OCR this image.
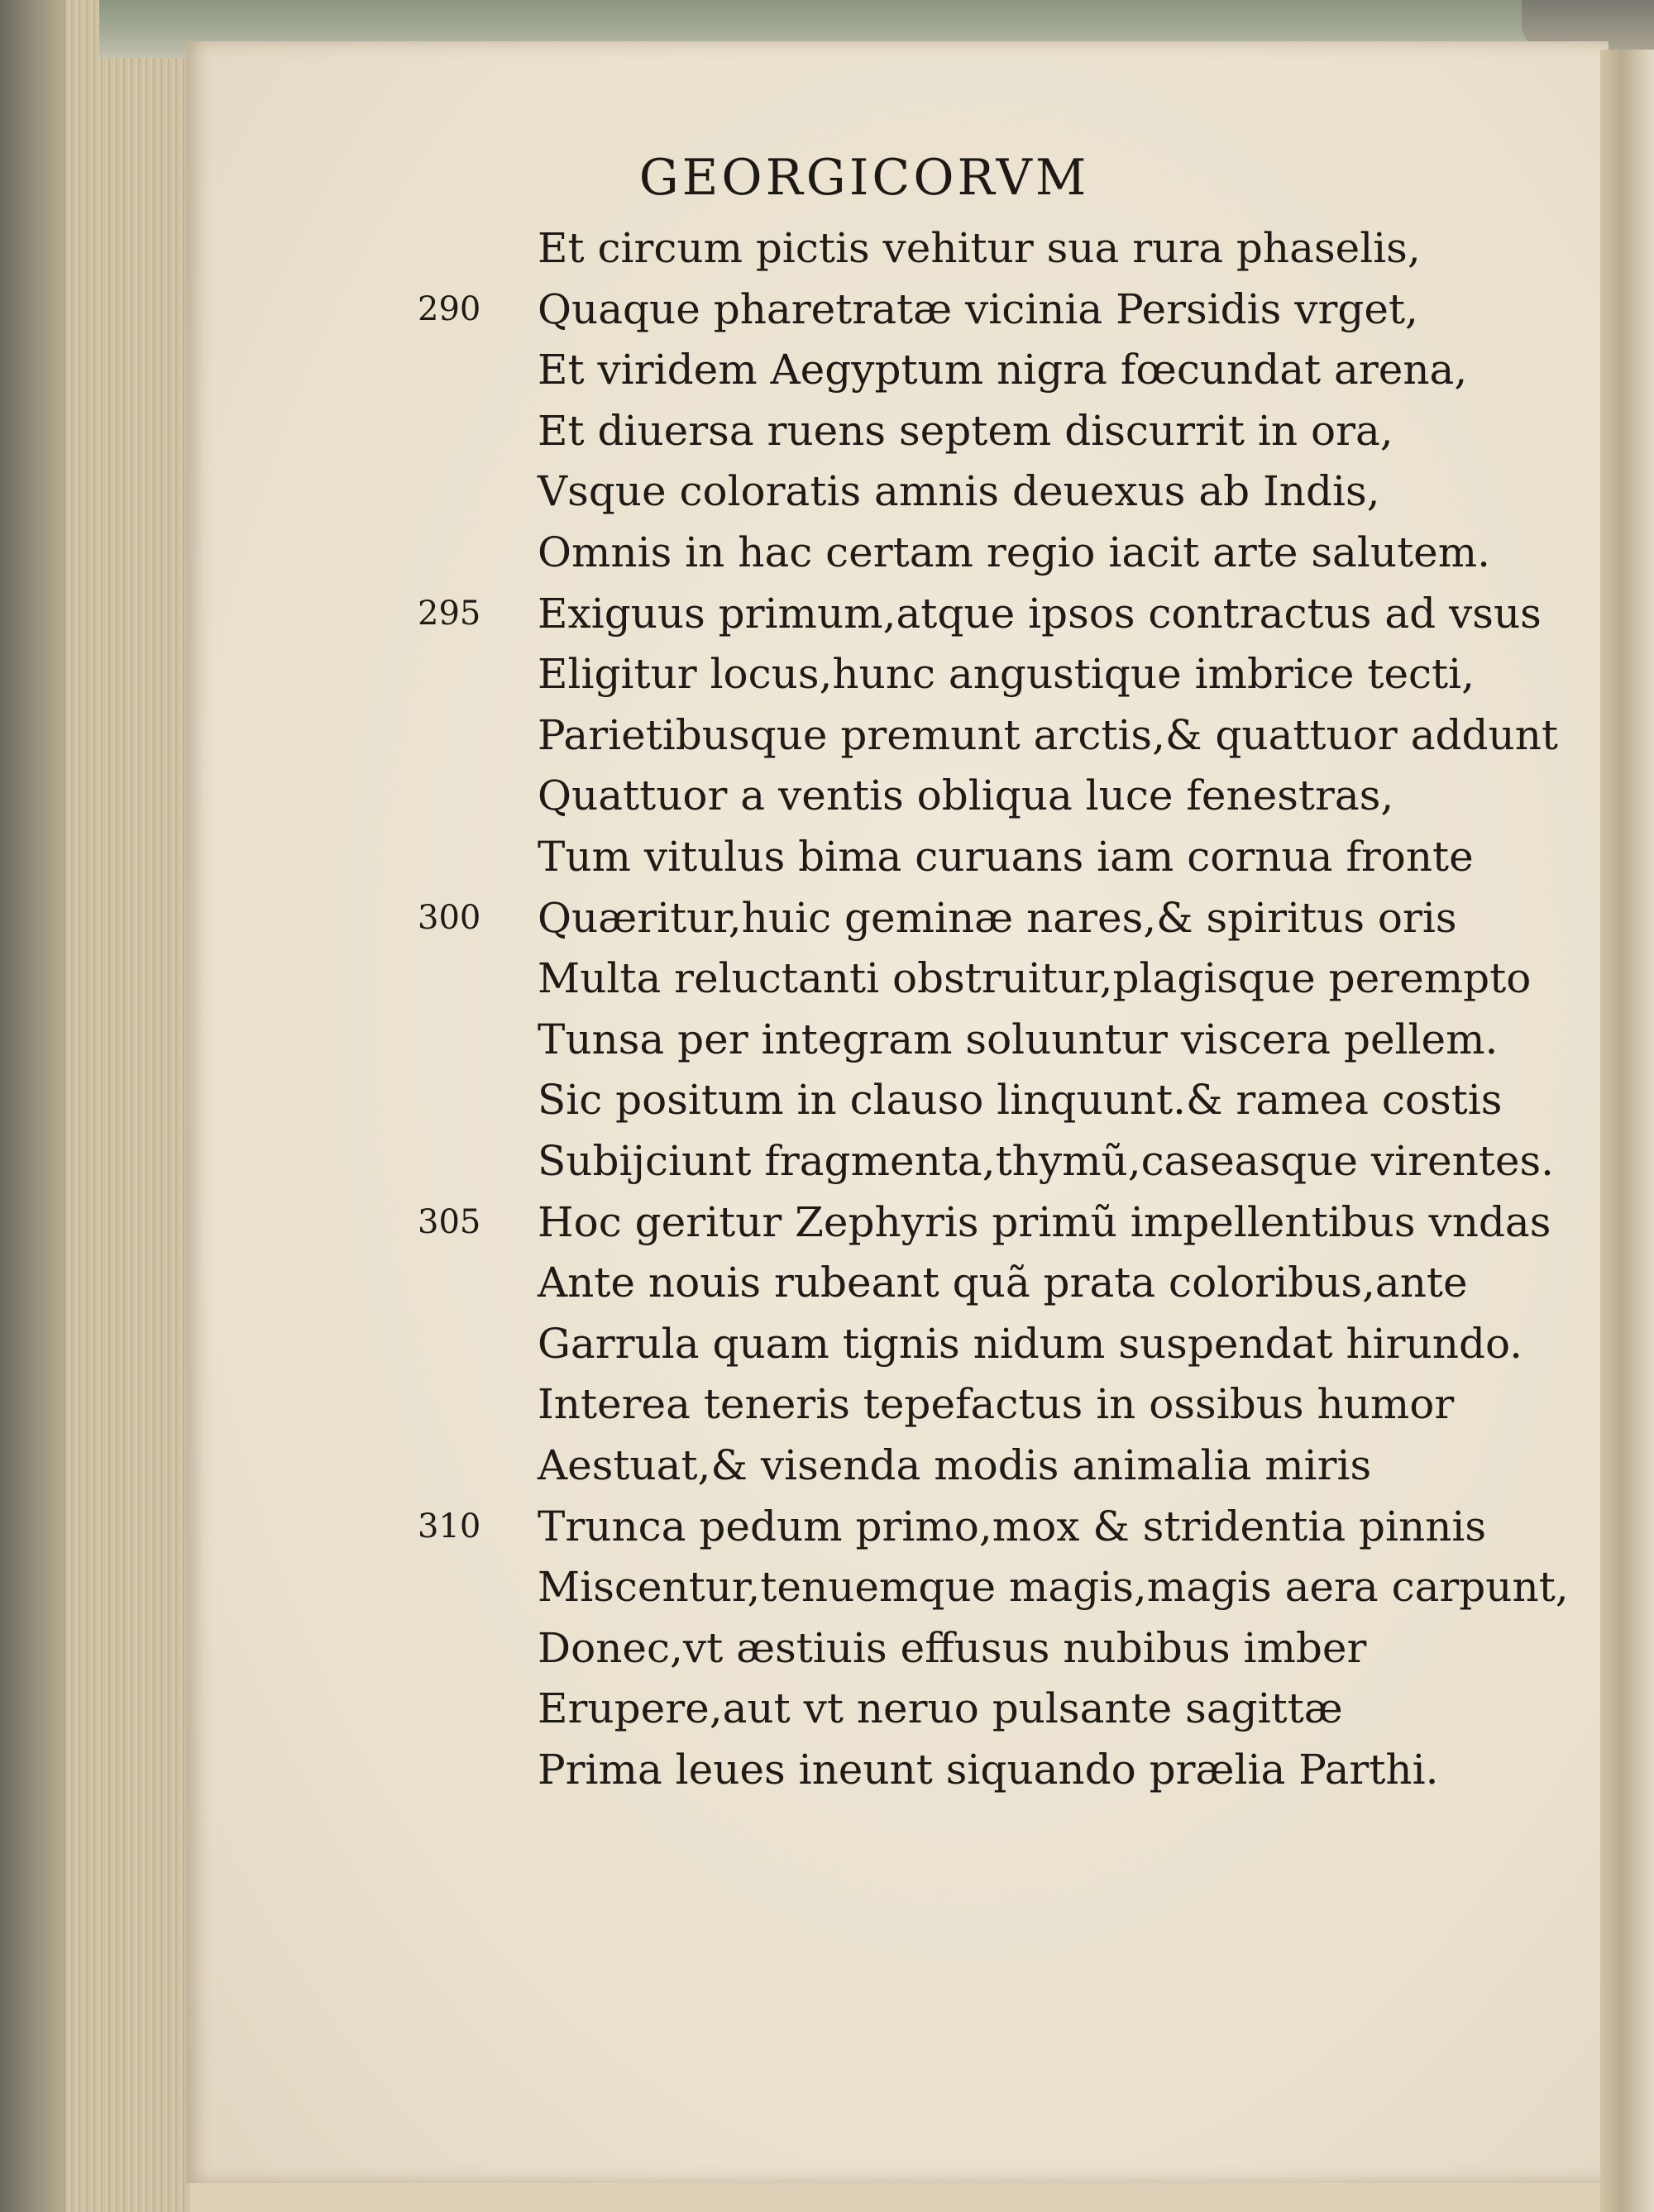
GEORGICORVM
Et circum pictis vehitur sua rura phaselis,
Quaque pharetratæ vicinia Persidis vrget,
290
Et viridem Aegyptum nigra fœcundat arena,
Et diuersa ruens septem discurrit in ora,
Vsque coloratis amnis deuexus ab Indis,
Omnis in hac certam regio iacit arte salutem.
Exiguus primum,atque ipsos contractus ad vsus
295
Eligitur locus,hunc angustique imbrice tecti,
Parietibusque premunt arctis,& quattuor addunt
Quattuor a ventis obliqua luce fenestras,
Tum vitulus bima curuans iam cornua fronte
Quæritur,huic geminæ nares,& spiritus oris
300
Multa reluctanti obstruitur,plagisque perempto
Tunsa per integram soluuntur viscera pellem.
Sic positum in clauso linquunt.& ramea costis
Subijciunt fragmenta,thymũ,caseasque virentes.
Hoc geritur Zephyris primũ impellentibus vndas
305
Ante nouis rubeant quã prata coloribus,ante
Garrula quam tignis nidum suspendat hirundo.
Interea teneris tepefactus in ossibus humor
Aestuat,& visenda modis animalia miris
Trunca pedum primo,mox & stridentia pinnis
310
Miscentur,tenuemque magis,magis aera carpunt,
Donec,vt æstiuis effusus nubibus imber
Erupere,aut vt neruo pulsante sagittæ
Prima leues ineunt siquando prælia Parthi.
